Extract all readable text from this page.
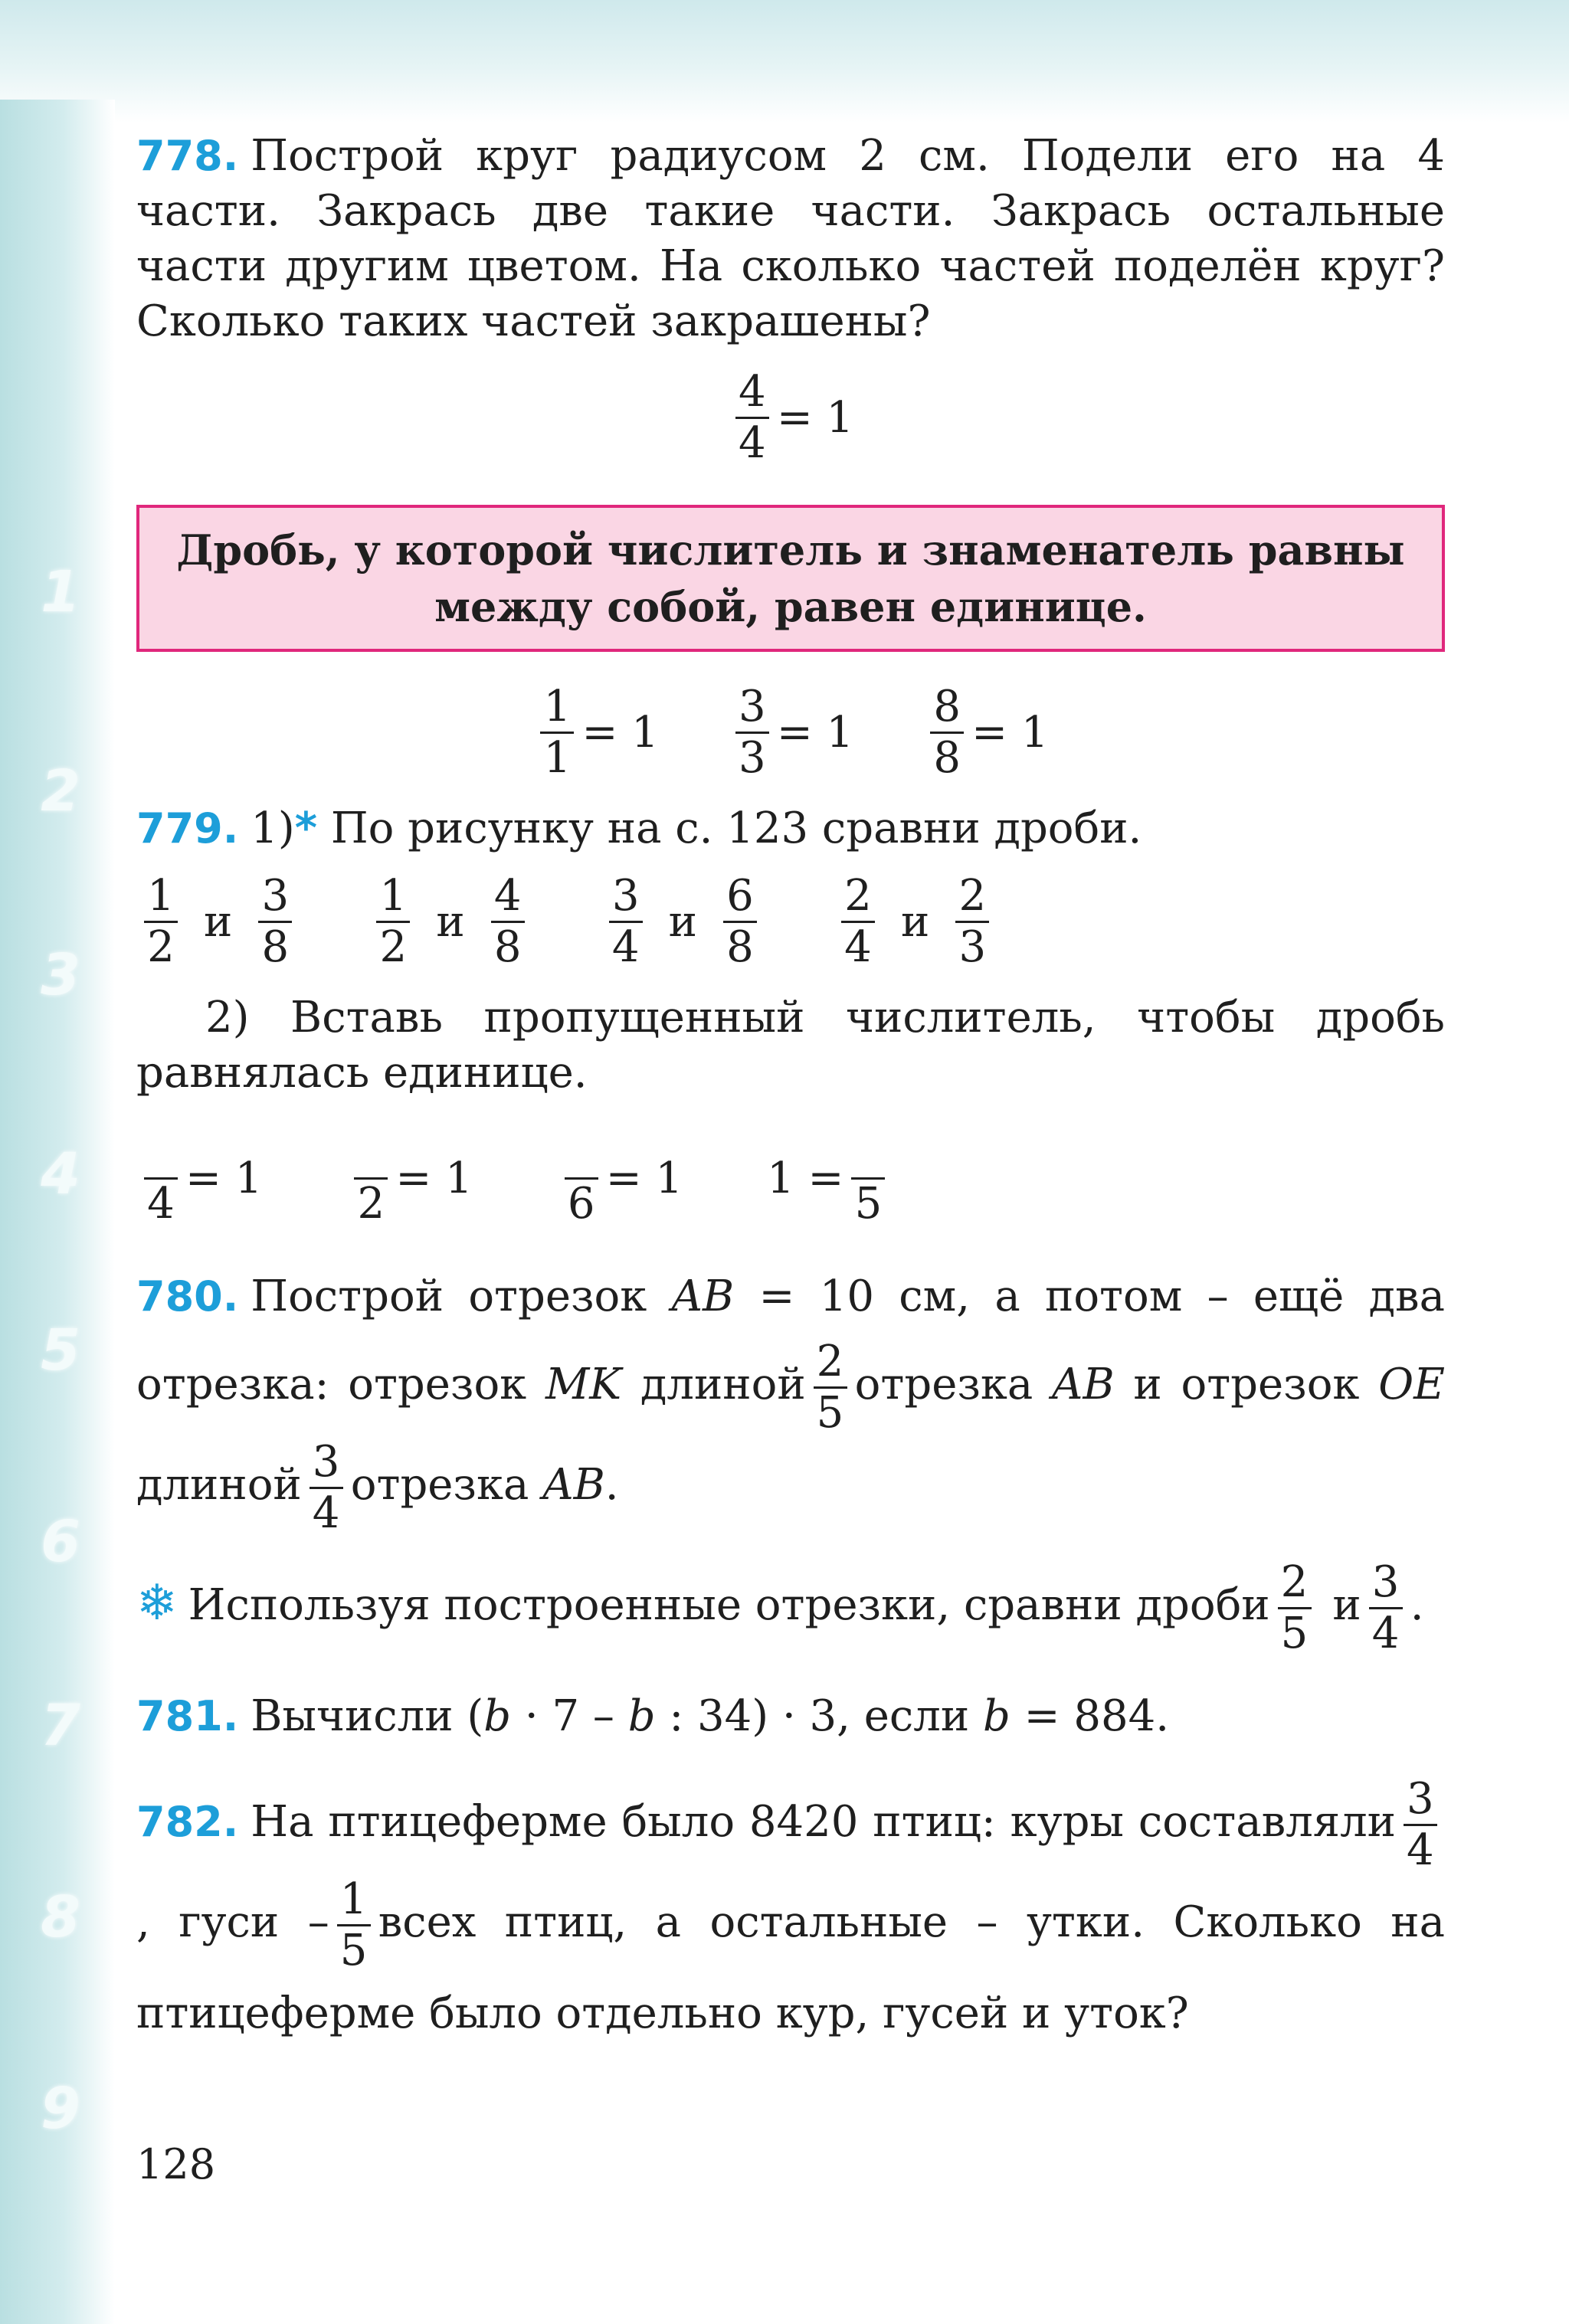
1
2
3
4
5
6
7
8
9

778. Построй круг радиусом 2 см. Подели его на 4 части. Закрась две такие части. Закрась остальные части другим цветом. На сколько частей поделён круг? Сколько таких частей закрашены?

$\frac{4}{4} = 1$
Дробь, у которой числитель и знаменатель равны
между собой, равен единице.
$\frac{1}{1} = 1 \frac{3}{3} = 1 \frac{8}{8} = 1$

779. 1)* По рисунку на с. 123 сравни дроби.

$\frac{1}{2}$ и $\frac{3}{8} \frac{1}{2}$ и $\frac{4}{8} \frac{3}{4}$ и $\frac{6}{8} \frac{2}{4}$ и $\frac{2}{3}$

2) Вставь пропущенный числитель, чтобы дробь равнялась единице.

4
= 1
2
= 1
6
= 1 1 =
5

780. Построй отрезок AB = 10 см, а потом – ещё два отрезка: отрезок MK длиной $\frac{2}{5}$ отрезка AB и отрезок OE длиной $\frac{3}{4}$ отрезка AB.

❄ Используя построенные отрезки, сравни дроби $\frac{2}{5}$ и $\frac{3}{4}$ .

781. Вычисли (b · 7 – b : 34) · 3, если b = 884.

782. На птицеферме было 8420 птиц: куры составляли $\frac{3}{4}$
, гуси – $\frac{1}{5}$ всех птиц, а остальные – утки. Сколько на птицеферме было отдельно кур, гусей и уток?

128
